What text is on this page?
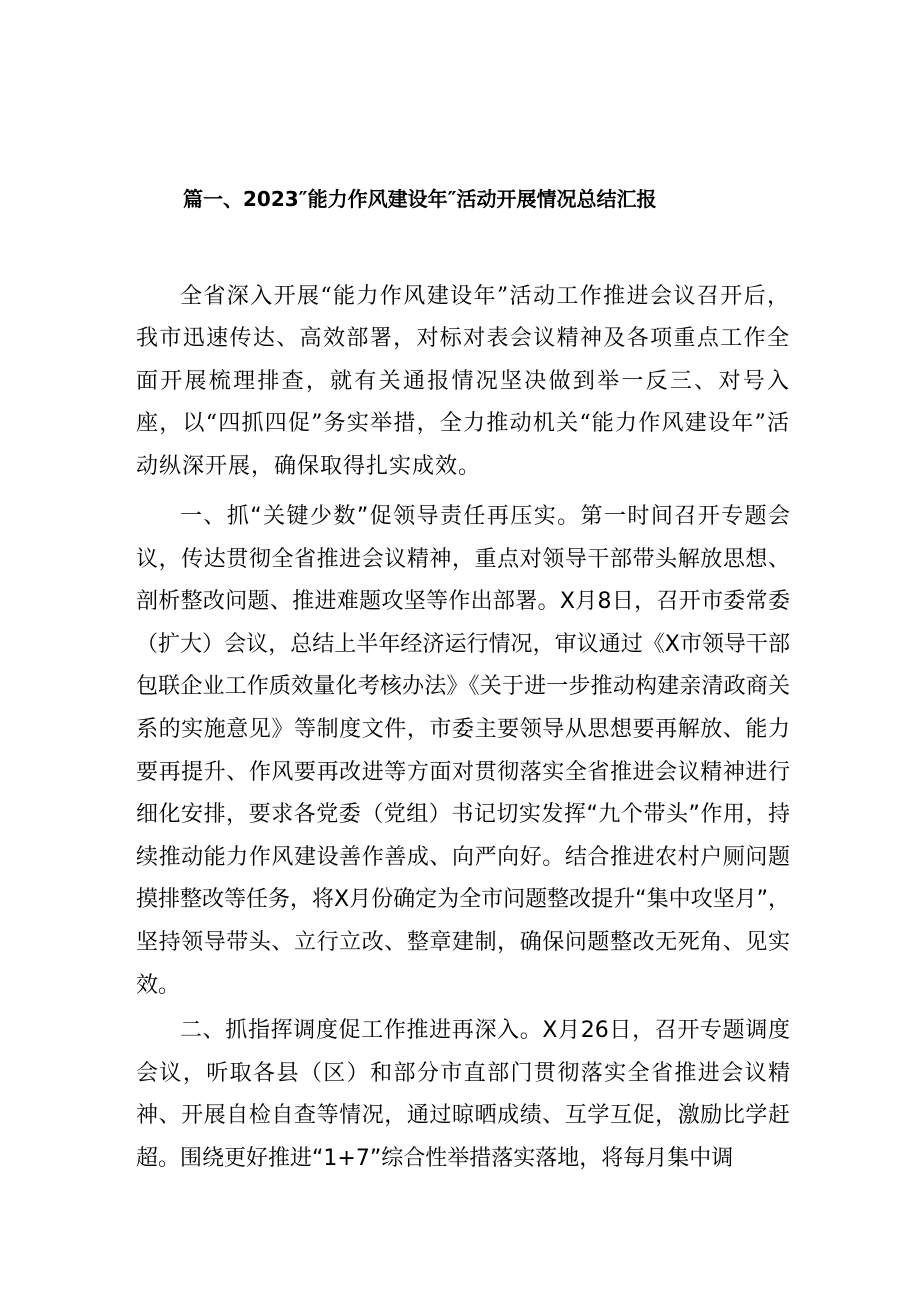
篇一、2023″能力作风建设年″活动开展情况总结汇报

全省深入开展“能力作风建设年”活动工作推进会议召开后，我市迅速传达、高效部署，对标对表会议精神及各项重点工作全面开展梳理排查，就有关通报情况坚决做到举一反三、对号入座，以“四抓四促”务实举措，全力推动机关“能力作风建设年”活动纵深开展，确保取得扎实成效。

一、抓“关键少数”促领导责任再压实。第一时间召开专题会议，传达贯彻全省推进会议精神，重点对领导干部带头解放思想、剖析整改问题、推进难题攻坚等作出部署。X月8日，召开市委常委（扩大）会议，总结上半年经济运行情况，审议通过《X市领导干部包联企业工作质效量化考核办法》《关于进一步推动构建亲清政商关系的实施意见》等制度文件，市委主要领导从思想要再解放、能力要再提升、作风要再改进等方面对贯彻落实全省推进会议精神进行细化安排，要求各党委（党组）书记切实发挥“九个带头”作用，持续推动能力作风建设善作善成、向严向好。结合推进农村户厕问题摸排整改等任务，将X月份确定为全市问题整改提升“集中攻坚月”，坚持领导带头、立行立改、整章建制，确保问题整改无死角、见实效。

二、抓指挥调度促工作推进再深入。X月26日，召开专题调度会议，听取各县（区）和部分市直部门贯彻落实全省推进会议精神、开展自检自查等情况，通过晾晒成绩、互学互促，激励比学赶超。围绕更好推进“1+7”综合性举措落实落地，将每月集中调
